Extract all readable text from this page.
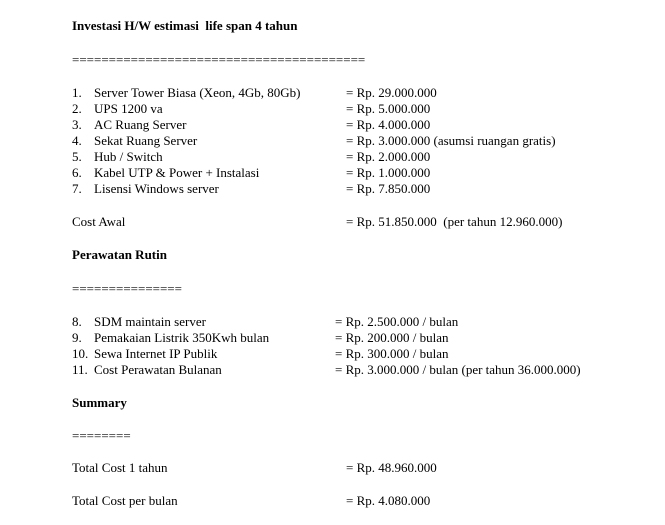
Investasi H/W estimasi  life span 4 tahun
========================================
1. Server Tower Biasa (Xeon, 4Gb, 80Gb)	= Rp. 29.000.000
2. UPS 1200 va	= Rp. 5.000.000
3. AC Ruang Server	= Rp. 4.000.000
4. Sekat Ruang Server	= Rp. 3.000.000 (asumsi ruangan gratis)
5. Hub / Switch	= Rp. 2.000.000
6. Kabel UTP & Power + Instalasi	= Rp. 1.000.000
7. Lisensi Windows server	= Rp. 7.850.000
Cost Awal	= Rp. 51.850.000  (per tahun 12.960.000)
Perawatan Rutin
===============
8. SDM maintain server	= Rp. 2.500.000 / bulan
9. Pemakaian Listrik 350Kwh bulan	= Rp. 200.000 / bulan
10. Sewa Internet IP Publik	= Rp. 300.000 / bulan
11. Cost Perawatan Bulanan	= Rp. 3.000.000 / bulan (per tahun 36.000.000)
Summary
========
Total Cost 1 tahun	= Rp. 48.960.000
Total Cost per bulan	= Rp. 4.080.000
